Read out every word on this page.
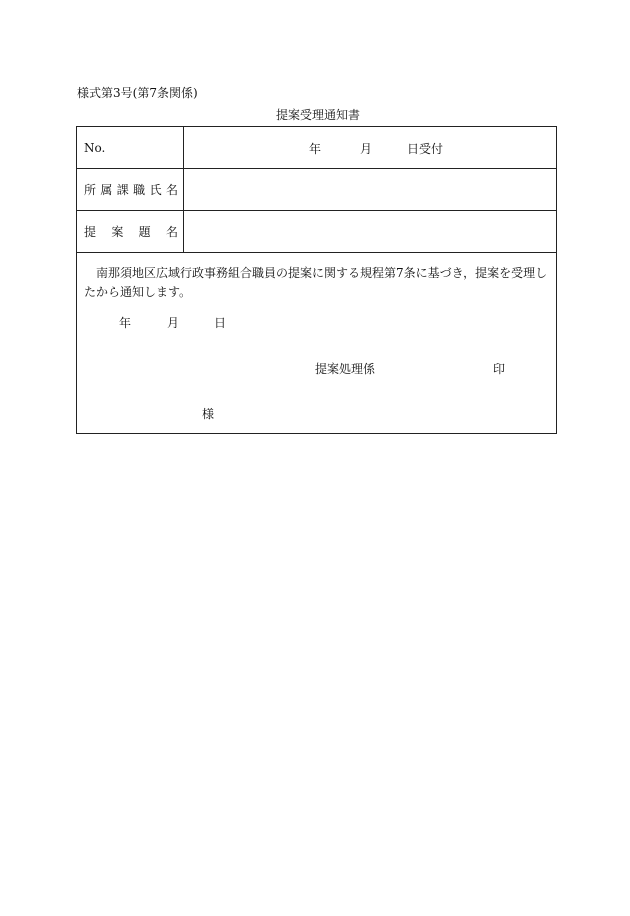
様式第3号(第7条関係)
提案受理通知書
No.	年	月	日受付
所 属 課 職 氏 名
提 案 題 名
南那須地区広域行政事務組合職員の提案に関する規程第7条に基づき，提案を受理したから通知します。
年	月	日
提案処理係	印
様
